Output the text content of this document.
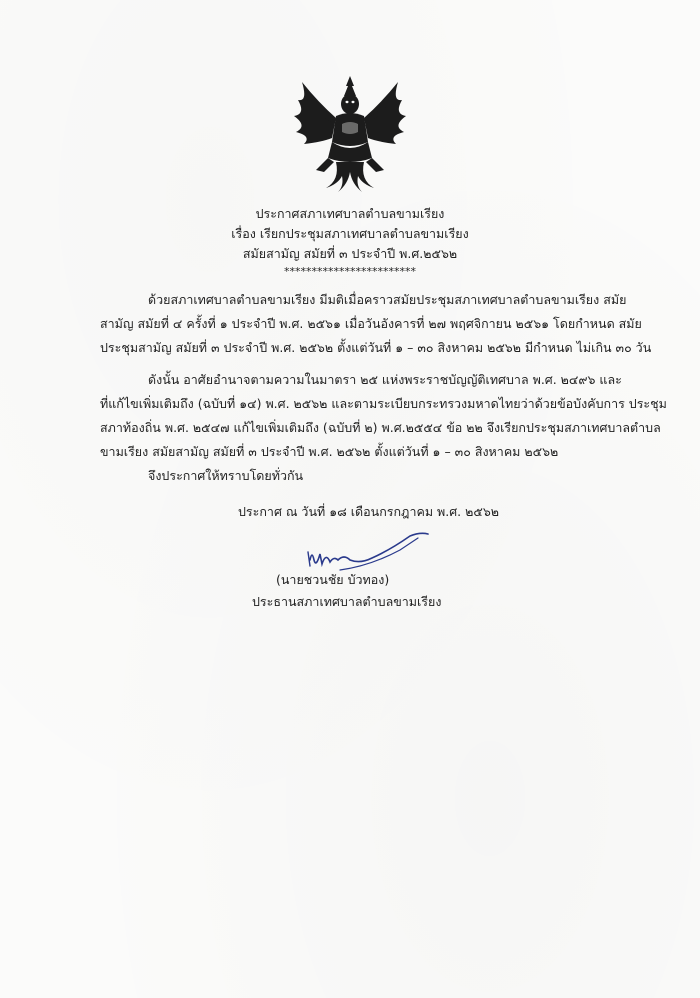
ประกาศสภาเทศบาลตำบลขามเรียง
เรื่อง เรียกประชุมสภาเทศบาลตำบลขามเรียง
สมัยสามัญ สมัยที่ ๓ ประจำปี พ.ศ.๒๕๖๒
************************
ด้วยสภาเทศบาลตำบลขามเรียง มีมติเมื่อคราวสมัยประชุมสภาเทศบาลตำบลขามเรียง สมัย
สามัญ สมัยที่ ๔ ครั้งที่ ๑ ประจำปี พ.ศ. ๒๕๖๑ เมื่อวันอังคารที่ ๒๗ พฤศจิกายน ๒๕๖๑ โดยกำหนด สมัย
ประชุมสามัญ สมัยที่ ๓ ประจำปี พ.ศ. ๒๕๖๒ ตั้งแต่วันที่ ๑ – ๓๐ สิงหาคม ๒๕๖๒ มีกำหนด ไม่เกิน ๓๐ วัน
ดังนั้น อาศัยอำนาจตามความในมาตรา ๒๕ แห่งพระราชบัญญัติเทศบาล พ.ศ. ๒๔๙๖ และ
ที่แก้ไขเพิ่มเติมถึง (ฉบับที่ ๑๔) พ.ศ. ๒๕๖๒ และตามระเบียบกระทรวงมหาดไทยว่าด้วยข้อบังคับการ ประชุม
สภาท้องถิ่น พ.ศ. ๒๕๔๗ แก้ไขเพิ่มเติมถึง (ฉบับที่ ๒) พ.ศ.๒๕๕๔ ข้อ ๒๒ จึงเรียกประชุมสภาเทศบาลตำบล
ขามเรียง สมัยสามัญ สมัยที่ ๓ ประจำปี พ.ศ. ๒๕๖๒ ตั้งแต่วันที่ ๑ – ๓๐ สิงหาคม ๒๕๖๒
จึงประกาศให้ทราบโดยทั่วกัน
ประกาศ ณ วันที่ ๑๘ เดือนกรกฎาคม พ.ศ. ๒๕๖๒
(นายชวนชัย บัวทอง)
ประธานสภาเทศบาลตำบลขามเรียง
